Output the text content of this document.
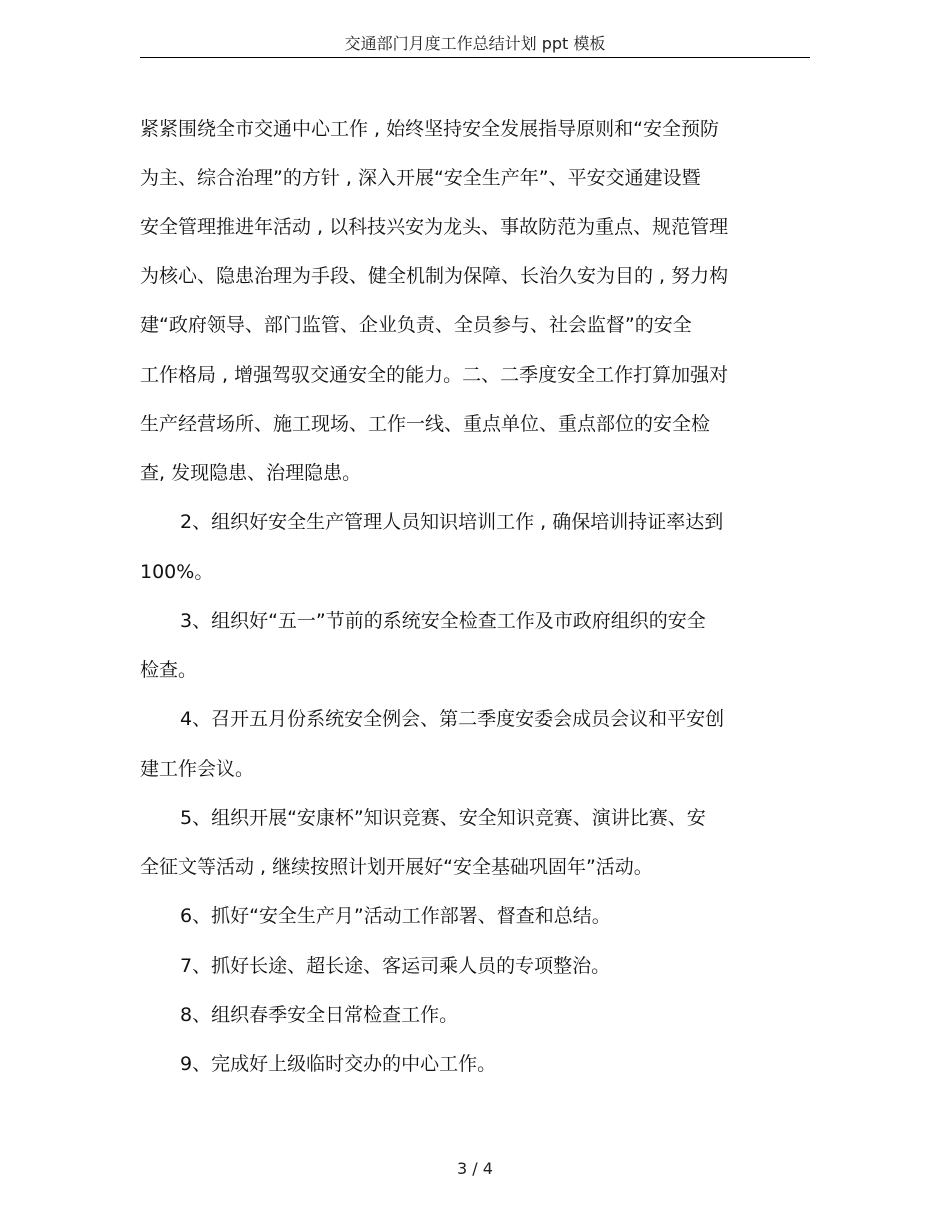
交通部门月度工作总结计划 ppt 模板
紧紧围绕全市交通中心工作 , 始终坚持安全发展指导原则和“安全预防
为主、综合治理”的方针 , 深入开展“安全生产年”、平安交通建设暨
安全管理推进年活动 , 以科技兴安为龙头、事故防范为重点、规范管理
为核心、隐患治理为手段、健全机制为保障、长治久安为目的 , 努力构
建“政府领导、部门监管、企业负责、全员参与、社会监督”的安全
工作格局 , 增强驾驭交通安全的能力。二、二季度安全工作打算加强对
生产经营场所、施工现场、工作一线、重点单位、重点部位的安全检
查, 发现隐患、治理隐患。
2、组织好安全生产管理人员知识培训工作 , 确保培训持证率达到
100%。
3、组织好“五一”节前的系统安全检查工作及市政府组织的安全
检查。
4、召开五月份系统安全例会、第二季度安委会成员会议和平安创
建工作会议。
5、组织开展“安康杯”知识竞赛、安全知识竞赛、演讲比赛、安
全征文等活动 , 继续按照计划开展好“安全基础巩固年”活动。
6、抓好“安全生产月”活动工作部署、督查和总结。
7、抓好长途、超长途、客运司乘人员的专项整治。
8、组织春季安全日常检查工作。
9、完成好上级临时交办的中心工作。
3 / 4
